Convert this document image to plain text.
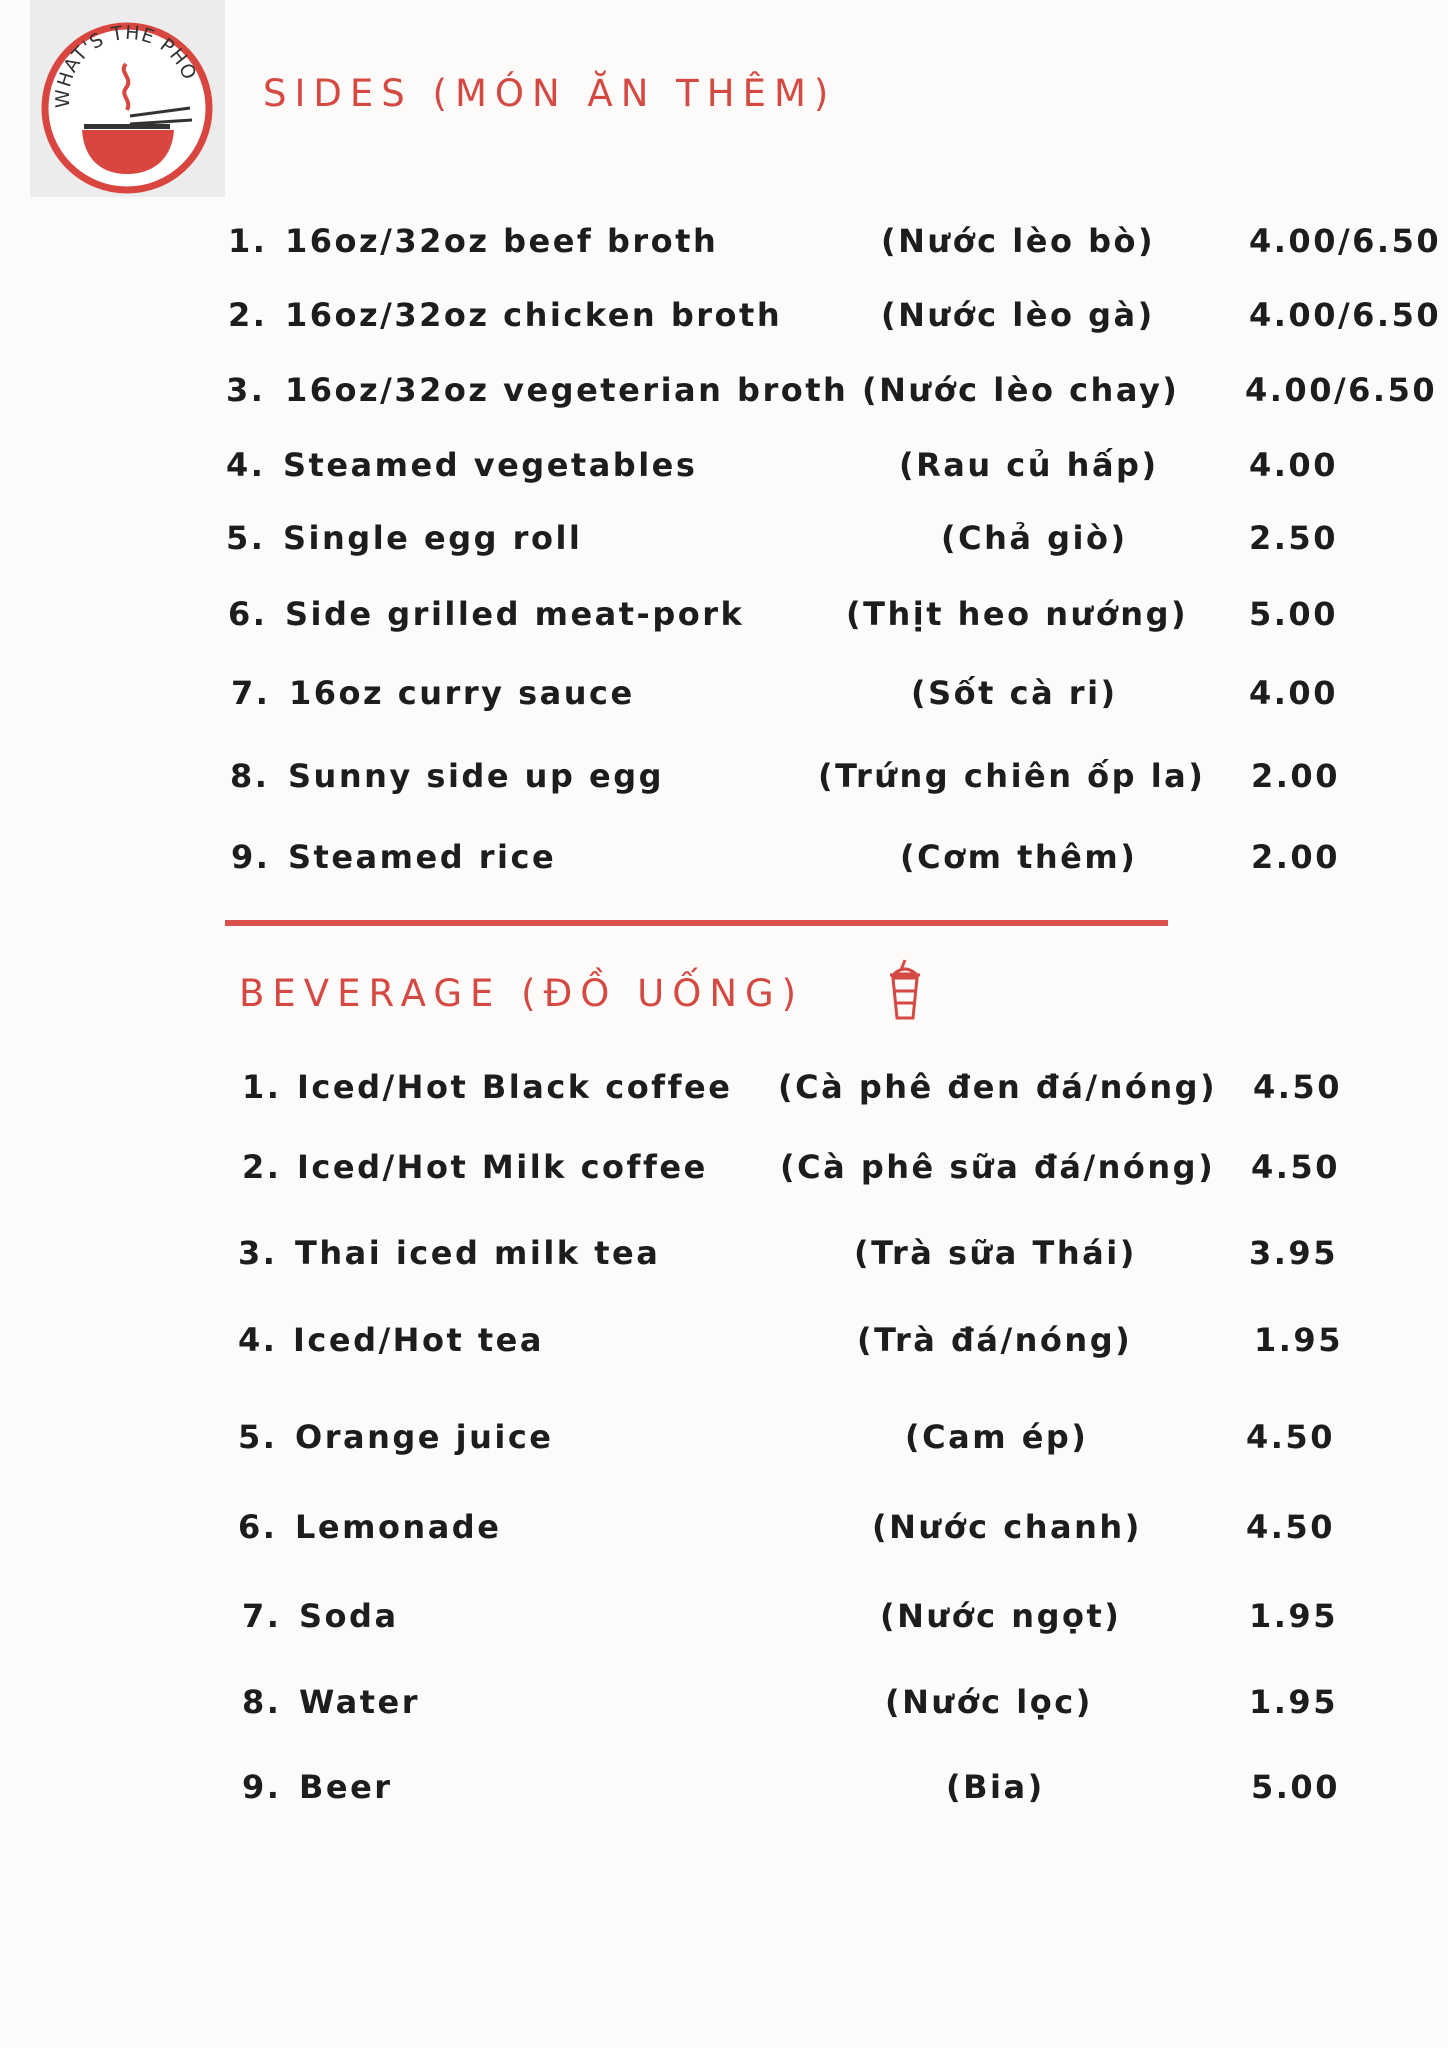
WHAT'S THE PHO
SIDES (MÓN ĂN THÊM)
1. 16oz/32oz beef broth	(Nước lèo bò)	4.00/6.50
2. 16oz/32oz chicken broth	(Nước lèo gà)	4.00/6.50
3. 16oz/32oz vegeterian broth (Nước lèo chay) 4.00/6.50
4. Steamed vegetables	(Rau củ hấp)	4.00
5. Single egg roll	(Chả giò)	2.50
6. Side grilled meat-pork	(Thịt heo nướng) 5.00
7. 16oz curry sauce	(Sốt cà ri)	4.00
8. Sunny side up egg	(Trứng chiên ốp la) 2.00
9. Steamed rice	(Cơm thêm)	2.00
BEVERAGE (ĐỒ UỐNG)
1. Iced/Hot Black coffee (Cà phê đen đá/nóng) 4.50
2. Iced/Hot Milk coffee (Cà phê sữa đá/nóng) 4.50
3. Thai iced milk tea	(Trà sữa Thái)	3.95
4. Iced/Hot tea	(Trà đá/nóng)	1.95
5. Orange juice	(Cam ép)	4.50
6. Lemonade	(Nước chanh)	4.50
7. Soda	(Nước ngọt)	1.95
8. Water	(Nước lọc)	1.95
9. Beer	(Bia)	5.00
